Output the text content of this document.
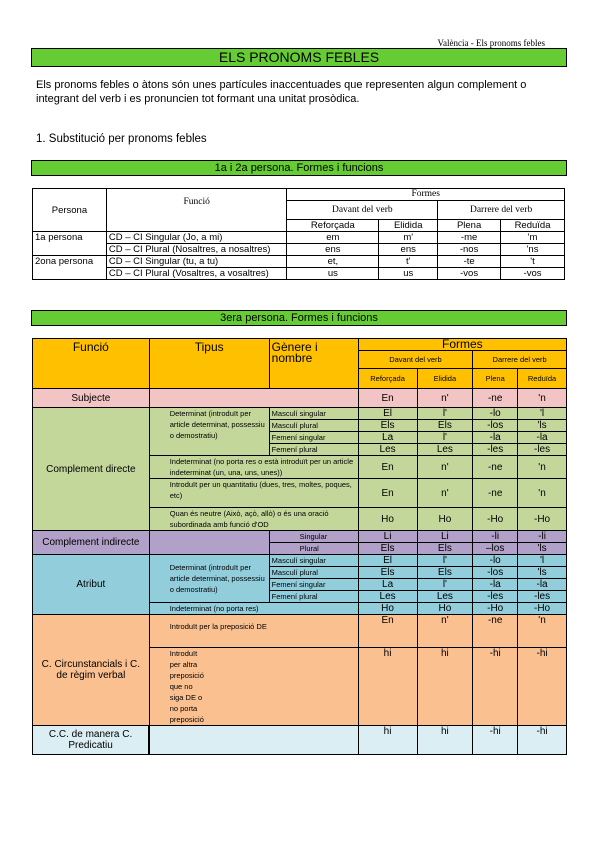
València - Els pronoms febles
ELS PRONOMS FEBLES
Els pronoms febles o àtons són unes partícules inaccentuades que representen algun complement o integrant del verb i es pronuncien tot formant una unitat prosòdica.
1. Substitució per pronoms febles
1a i 2a persona. Formes i funcions
Persona	Funció	Formes			
		Davant del verb		Darrere del verb	
		Reforçada	Elidida	Plena	Reduïda
1a persona	CD – CI Singular (Jo, a mi)	em	m'	-me	'm
	CD – CI Plural (Nosaltres, a nosaltres)	ens	ens	-nos	'ns
2ona persona	CD – CI Singular (tu, a tu)	et,	t'	-te	't
	CD – CI Plural (Vosaltres, a vosaltres)	us	us	-vos	-vos
3era persona. Formes i funcions
Funció	Tipus	Gènere i nombre	Formes			
			Davant del verb		Darrere del verb	
			Reforçada	Elidida	Plena	Reduïda
Subjecte			En	n'	-ne	'n
Complement directe	Determinat (introduït per article determinat, possessiu o demostratiu)	Masculí singular	El	l'	-lo	'l
		Masculí plural	Els	Els	-los	'ls
		Femení singular	La	l'	-la	-la
		Femení plural	Les	Les	-les	-les
	Indeterminat (no porta res o està introduït per un article indeterminat (un, una, uns, unes))		En	n'	-ne	'n
	Introduït per un quantitatiu (dues, tres, moltes, poques, etc)		En	n'	-ne	'n
	Quan és neutre (Això, açò, allò) o és una oració subordinada amb funció d'OD		Ho	Ho	-Ho	-Ho
Complement indirecte		Singular	Li	Li	-li	-li
		Plural	Els	Els	–los	'ls
Atribut	Determinat (introduït per article determinat, possessiu o demostratiu)	Masculí singular	El	l'	-lo	'l
		Masculí plural	Els	Els	-los	'ls
		Femení singular	La	l'	-la	-la
		Femení plural	Les	Les	-les	-les
	Indeterminat (no porta res)		Ho	Ho	-Ho	-Ho
C. Circunstancials i C. de règim verbal	Introduït per la preposició DE		En	n'	-ne	'n
	Introduït per altra preposició que no siga DE o no porta preposició		hi	hi	-hi	-hi
C.C. de manera C. Predicatiu			hi	hi	-hi	-hi
